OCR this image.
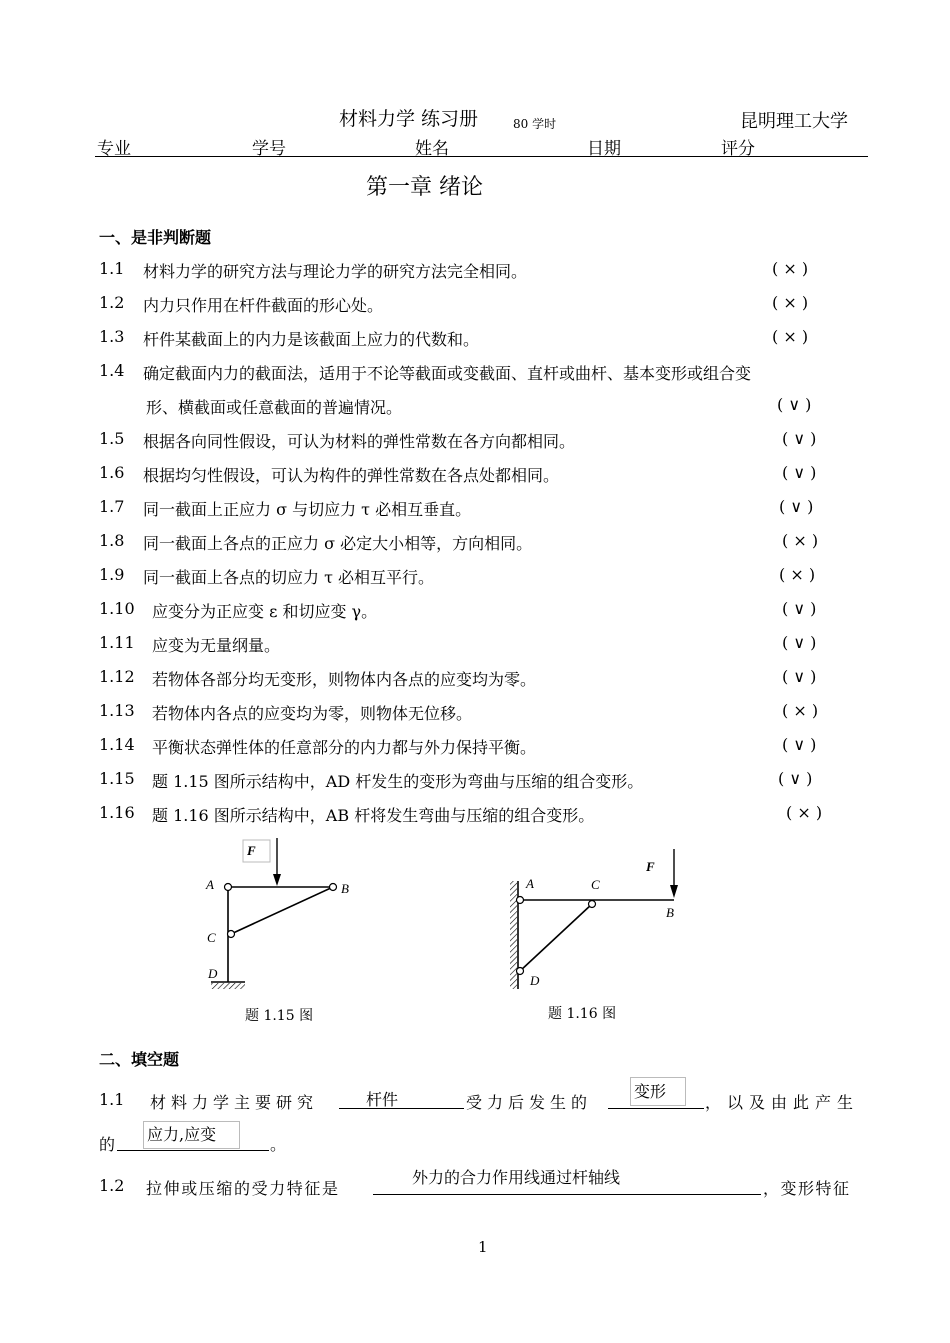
材料力学 练习册	80 学时	昆明理工大学
专业	学号	姓名	日期	评分
第一章 绪论
一、是非判断题
1.1 材料力学的研究方法与理论力学的研究方法完全相同。	( × )
1.2 内力只作用在杆件截面的形心处。	( × )
1.3 杆件某截面上的内力是该截面上应力的代数和。	( × )
1.4 确定截面内力的截面法，适用于不论等截面或变截面、直杆或曲杆、基本变形或组合变
形、横截面或任意截面的普遍情况。	( ∨ )
1.5 根据各向同性假设，可认为材料的弹性常数在各方向都相同。	( ∨ )
1.6 根据均匀性假设，可认为构件的弹性常数在各点处都相同。	( ∨ )
1.7 同一截面上正应力 σ 与切应力 τ 必相互垂直。	( ∨ )
1.8 同一截面上各点的正应力 σ 必定大小相等，方向相同。	( × )
1.9 同一截面上各点的切应力 τ 必相互平行。	( × )
1.10 应变分为正应变 ε 和切应变 γ。	( ∨ )
1.11 应变为无量纲量。	( ∨ )
1.12 若物体各部分均无变形，则物体内各点的应变均为零。	( ∨ )
1.13 若物体内各点的应变均为零，则物体无位移。	( × )
1.14 平衡状态弹性体的任意部分的内力都与外力保持平衡。	( ∨ )
1.15 题 1.15 图所示结构中，AD 杆发生的变形为弯曲与压缩的组合变形。	( ∨ )
1.16 题 1.16 图所示结构中，AB 杆将发生弯曲与压缩的组合变形。	( × )
F
A	B
C
D
题 1.15 图
F
A	C
B
D
题 1.16 图
二、填空题
1.1 材料力学主要研究	杆件	受力后发生的
变形
，以及由此产生
的
应力,应变
。
1.2 拉伸或压缩的受力特征是
外力的合力作用线通过杆轴线
，变形特征
1
